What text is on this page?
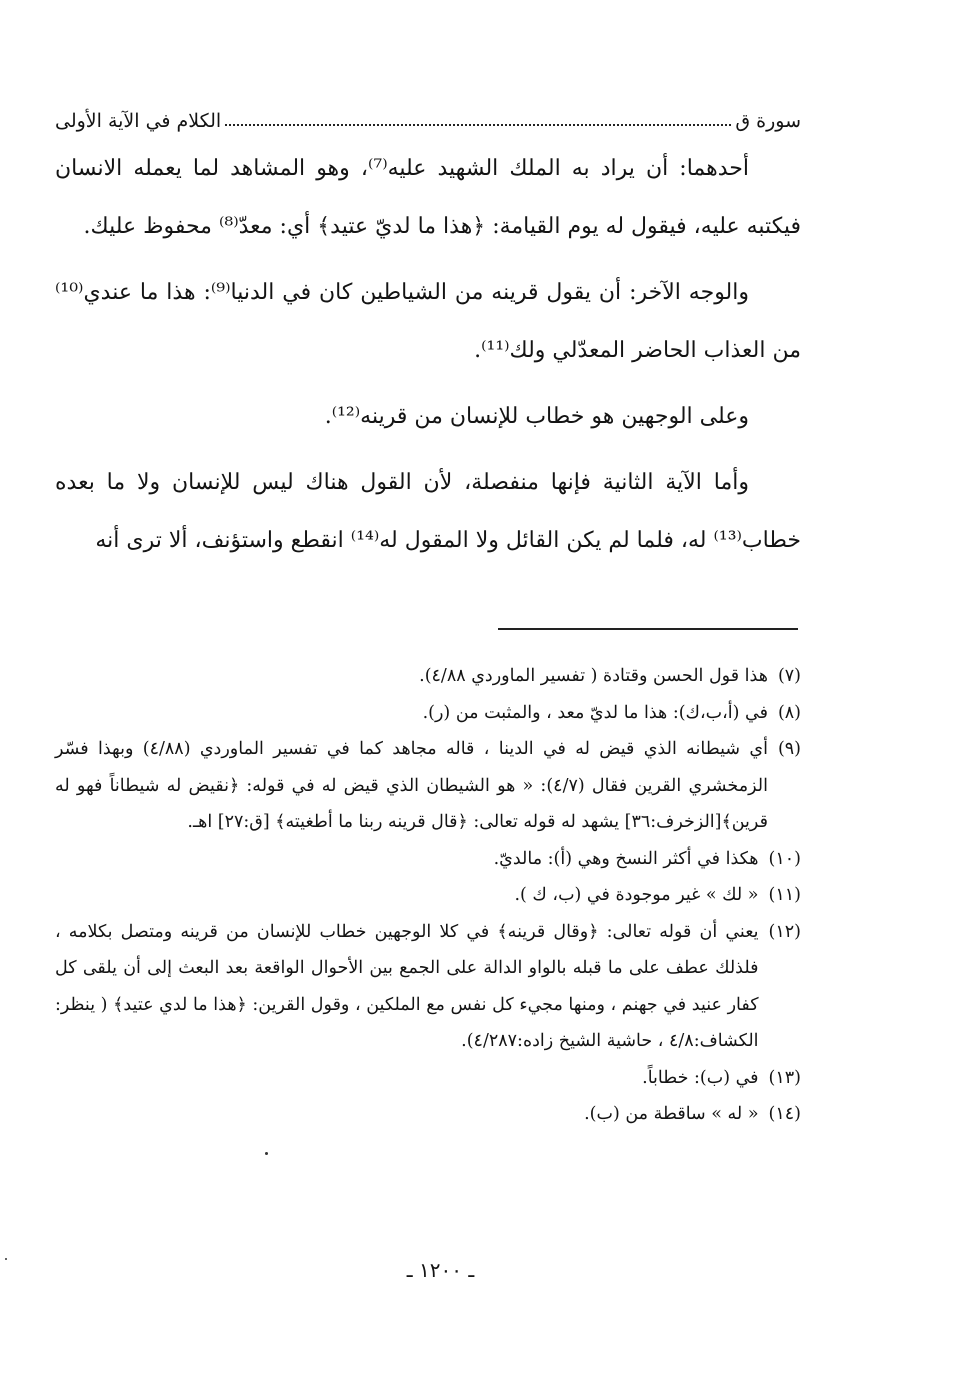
سورة ق
الكلام في الآية الأولى

أحدهما: أن يراد به الملك الشهيد عليه⁽⁷⁾، وهو المشاهد لما يعمله الانسان فيكتبه عليه، فيقول له يوم القيامة: ﴿هذا ما لديّ عتيد﴾ أي: معدّ⁽⁸⁾ محفوظ عليك.

والوجه الآخر: أن يقول قرينه من الشياطين كان في الدنيا⁽⁹⁾: هذا ما عندي⁽¹⁰⁾ من العذاب الحاضر المعدّلي ولك⁽¹¹⁾.

وعلى الوجهين هو خطاب للإنسان من قرينه⁽¹²⁾.

وأما الآية الثانية فإنها منفصلة، لأن القول هناك ليس للإنسان ولا ما بعده خطاب⁽¹³⁾ له، فلما لم يكن القائل ولا المقول له⁽¹⁴⁾ انقطع واستؤنف، ألا ترى أنه

(٧)
هذا قول الحسن وقتادة ( تفسير الماوردي ٤/٨٨).
(٨)
في (أ،ب،ك): هذا ما لديّ معد ، والمثبت من (ر).
(٩)
أي شيطانه الذي قيض له في الدينا ، قاله مجاهد كما في تفسير الماوردي (٤/٨٨) وبهذا فسّر الزمخشري القرين فقال (٤/٧): « هو الشيطان الذي قيض له في قوله: ﴿نقيض له شيطاناً فهو له قرين﴾[الزخرف:٣٦] يشهد له قوله تعالى: ﴿قال قرينه ربنا ما أطغيته﴾ [ق:٢٧] اهـ.
(١٠)
هكذا في أكثر النسخ وهي (أ): مالديّ.
(١١)
« لك » غير موجودة في (ب، ك ).
(١٢)
يعني أن قوله تعالى: ﴿وقال قرينه﴾ في كلا الوجهين خطاب للإنسان من قرينه ومتصل بكلامه ، فلذلك عطف على ما قبله بالواو الدالة على الجمع بين الأحوال الواقعة بعد البعث إلى أن يلقى كل كفار عنيد في جهنم ، ومنها مجيء كل نفس مع الملكين ، وقول القرين: ﴿هذا ما لدي عتيد﴾ ( ينظر: الكشاف:٤/٨ ، حاشية الشيخ زاده:٤/٢٨٧).
(١٣)
في (ب): خطاباً.
(١٤)
« له » ساقطة من (ب).
ـ ١٢٠٠ ـ
